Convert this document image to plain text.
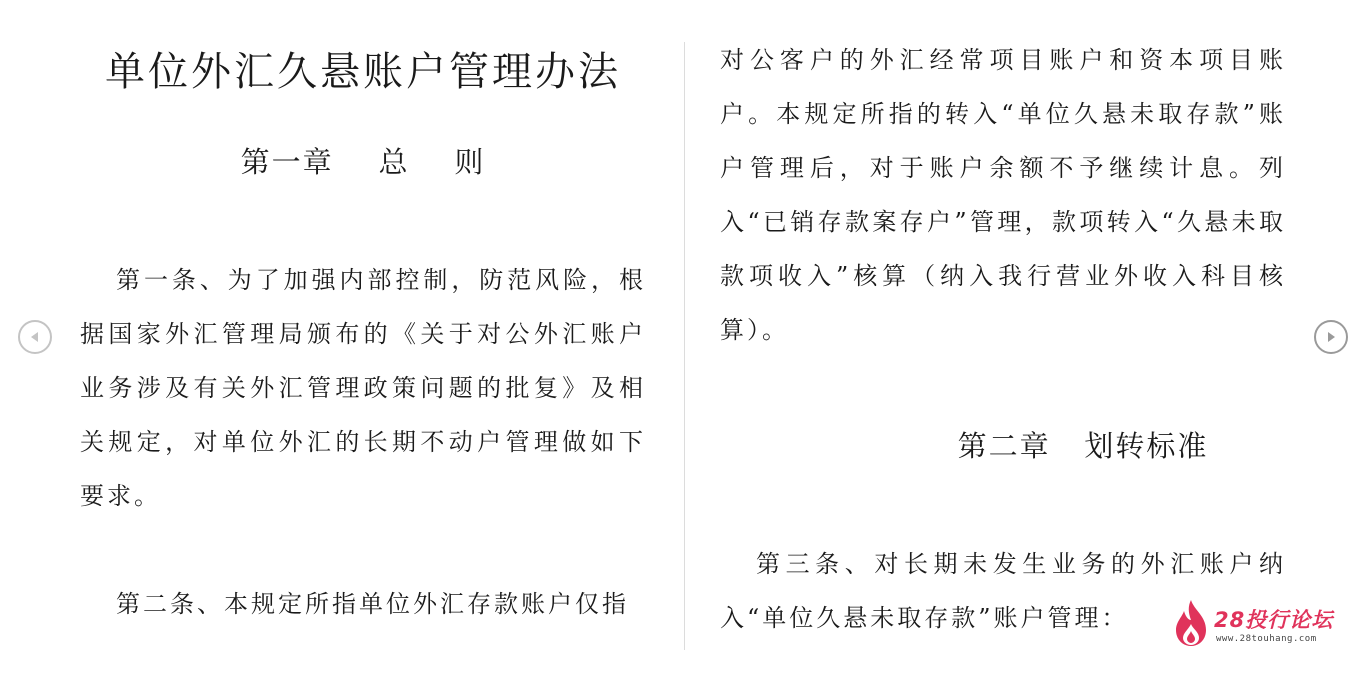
单位外汇久悬账户管理办法
第一章    总    则

第一条、为了加强内部控制，防范风险，根据国家外汇管理局颁布的《关于对公外汇账户业务涉及有关外汇管理政策问题的批复》及相关规定，对单位外汇的长期不动户管理做如下要求。

第二条、本规定所指单位外汇存款账户仅指

对公客户的外汇经常项目账户和资本项目账户。本规定所指的转入“单位久悬未取存款”账户管理后，对于账户余额不予继续计息。列入“已销存款案存户”管理，款项转入“久悬未取款项收入”核算（纳入我行营业外收入科目核算）。

第三条、对长期未发生业务的外汇账户纳入“单位久悬未取存款”账户管理：

第二章   划转标准
28投行论坛
www.28touhang.com
